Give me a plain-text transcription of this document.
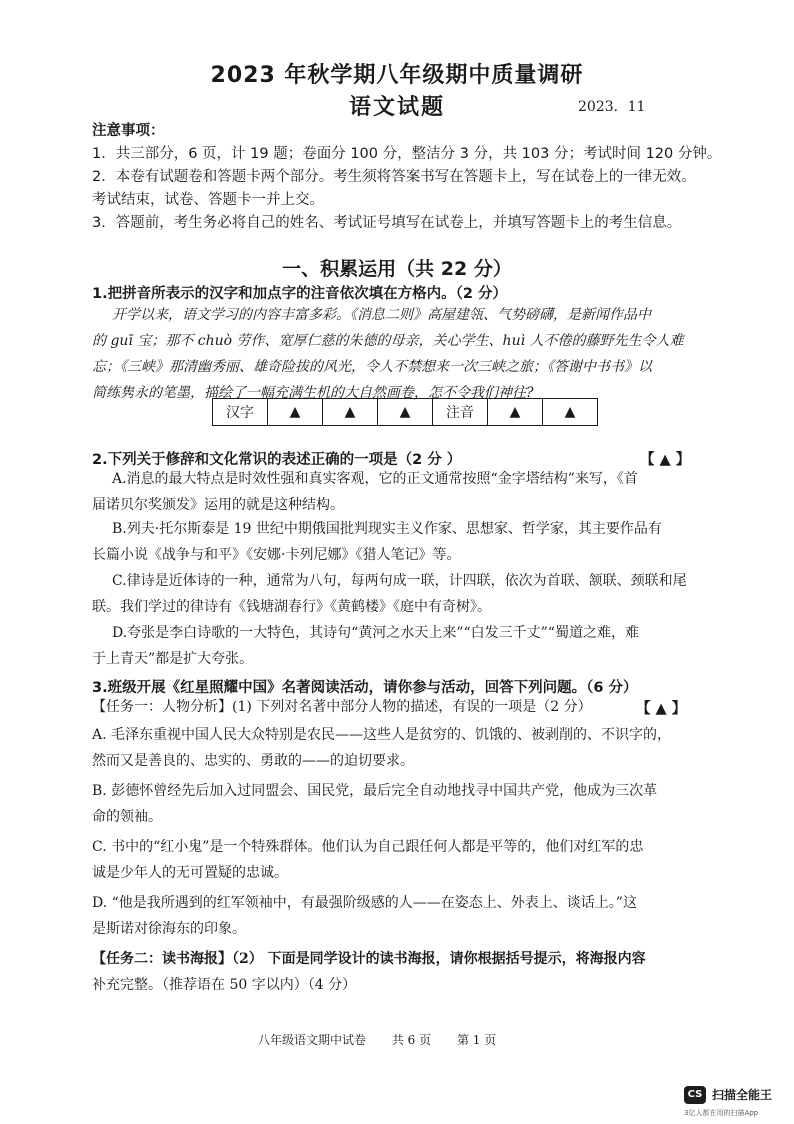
2023 年秋学期八年级期中质量调研
语文试题	2023．11
注意事项：
1．共三部分，6 页，计 19 题；卷面分 100 分，整洁分 3 分，共 103 分；考试时间 120 分钟。
2．本卷有试题卷和答题卡两个部分。考生须将答案书写在答题卡上，写在试卷上的一律无效。
考试结束，试卷、答题卡一并上交。
3．答题前，考生务必将自己的姓名、考试证号填写在试卷上，并填写答题卡上的考生信息。
一、积累运用（共 22 分）
1.把拼音所表示的汉字和加点字的注音依次填在方格内。（2 分）
开学以来，语文学习的内容丰富多彩。《消息二则》高屋建瓴、气势磅礴，是新闻作品中
的 guī 宝；那不 chuò 劳作、宽厚仁慈的朱德的母亲，关心学生、huì 人不倦的藤野先生令人难
忘；《三峡》那清幽秀丽、雄奇险拔的风光，令人不禁想来一次三峡之旅；《答谢中书书》以
简练隽永的笔墨，描绘了一幅充满生机的大自然画卷，怎不令我们神往?
汉字	▲	▲	▲	注音	▲	▲
2.下列关于修辞和文化常识的表述正确的一项是（2 分 ）	【 ▲ 】
A.消息的最大特点是时效性强和真实客观，它的正文通常按照“金字塔结构”来写，《首
届诺贝尔奖颁发》运用的就是这种结构。
B.列夫·托尔斯泰是 19 世纪中期俄国批判现实主义作家、思想家、哲学家，其主要作品有
长篇小说《战争与和平》《安娜·卡列尼娜》《猎人笔记》等。
C.律诗是近体诗的一种，通常为八句，每两句成一联，计四联，依次为首联、颔联、颈联和尾
联。我们学过的律诗有《钱塘湖春行》《黄鹤楼》《庭中有奇树》。
D.夸张是李白诗歌的一大特色，其诗句“黄河之水天上来”“白发三千丈”“蜀道之难，难
于上青天”都是扩大夸张。
3.班级开展《红星照耀中国》名著阅读活动，请你参与活动，回答下列问题。（6 分）
【任务一：人物分析】(1) 下列对名著中部分人物的描述，有误的一项是（2 分）	【 ▲ 】
A. 毛泽东重视中国人民大众特别是农民——这些人是贫穷的、饥饿的、被剥削的、不识字的，
然而又是善良的、忠实的、勇敢的——的迫切要求。
B. 彭德怀曾经先后加入过同盟会、国民党，最后完全自动地找寻中国共产党，他成为三次革
命的领袖。
C. 书中的“红小鬼”是一个特殊群体。他们认为自己跟任何人都是平等的，他们对红军的忠
诚是少年人的无可置疑的忠诚。
D. “他是我所遇到的红军领袖中，有最强阶级感的人——在姿态上、外表上、谈话上。”这
是斯诺对徐海东的印象。
【任务二：读书海报】（2） 下面是同学设计的读书海报，请你根据括号提示，将海报内容
补充完整。（推荐语在 50 字以内）（4 分）
八年级语文期中试卷 共 6 页 第 1 页
CS 扫描全能王
3亿人都在用的扫描App
